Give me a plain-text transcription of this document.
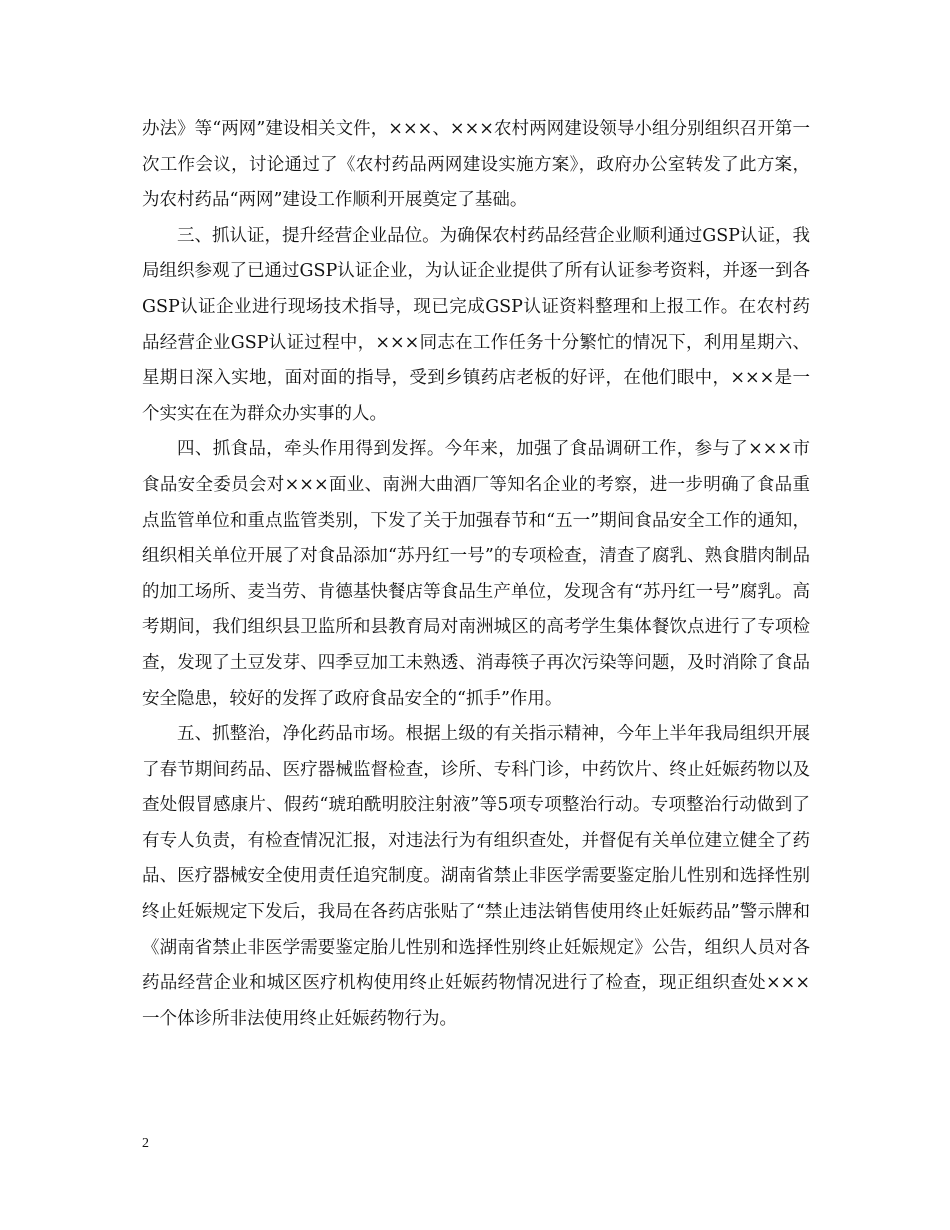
办法》等“两网”建设相关文件，×××、×××农村两网建设领导小组分别组织召开第一次工作会议，讨论通过了《农村药品两网建设实施方案》，政府办公室转发了此方案，为农村药品“两网”建设工作顺利开展奠定了基础。

三、抓认证，提升经营企业品位。为确保农村药品经营企业顺利通过GSP认证，我局组织参观了已通过GSP认证企业，为认证企业提供了所有认证参考资料，并逐一到各GSP认证企业进行现场技术指导，现已完成GSP认证资料整理和上报工作。在农村药品经营企业GSP认证过程中，×××同志在工作任务十分繁忙的情况下，利用星期六、星期日深入实地，面对面的指导，受到乡镇药店老板的好评，在他们眼中，×××是一个实实在在为群众办实事的人。

四、抓食品，牵头作用得到发挥。今年来，加强了食品调研工作，参与了×××市食品安全委员会对×××面业、南洲大曲酒厂等知名企业的考察，进一步明确了食品重点监管单位和重点监管类别，下发了关于加强春节和“五一”期间食品安全工作的通知，组织相关单位开展了对食品添加“苏丹红一号”的专项检查，清查了腐乳、熟食腊肉制品的加工场所、麦当劳、肯德基快餐店等食品生产单位，发现含有“苏丹红一号”腐乳。高考期间，我们组织县卫监所和县教育局对南洲城区的高考学生集体餐饮点进行了专项检查，发现了土豆发芽、四季豆加工未熟透、消毒筷子再次污染等问题，及时消除了食品安全隐患，较好的发挥了政府食品安全的“抓手”作用。

五、抓整治，净化药品市场。根据上级的有关指示精神，今年上半年我局组织开展了春节期间药品、医疗器械监督检查，诊所、专科门诊，中药饮片、终止妊娠药物以及查处假冒感康片、假药“琥珀酰明胶注射液”等5项专项整治行动。专项整治行动做到了有专人负责，有检查情况汇报，对违法行为有组织查处，并督促有关单位建立健全了药品、医疗器械安全使用责任追究制度。湖南省禁止非医学需要鉴定胎儿性别和选择性别终止妊娠规定下发后，我局在各药店张贴了“禁止违法销售使用终止妊娠药品”警示牌和《湖南省禁止非医学需要鉴定胎儿性别和选择性别终止妊娠规定》公告，组织人员对各药品经营企业和城区医疗机构使用终止妊娠药物情况进行了检查，现正组织查处×××一个体诊所非法使用终止妊娠药物行为。

2
